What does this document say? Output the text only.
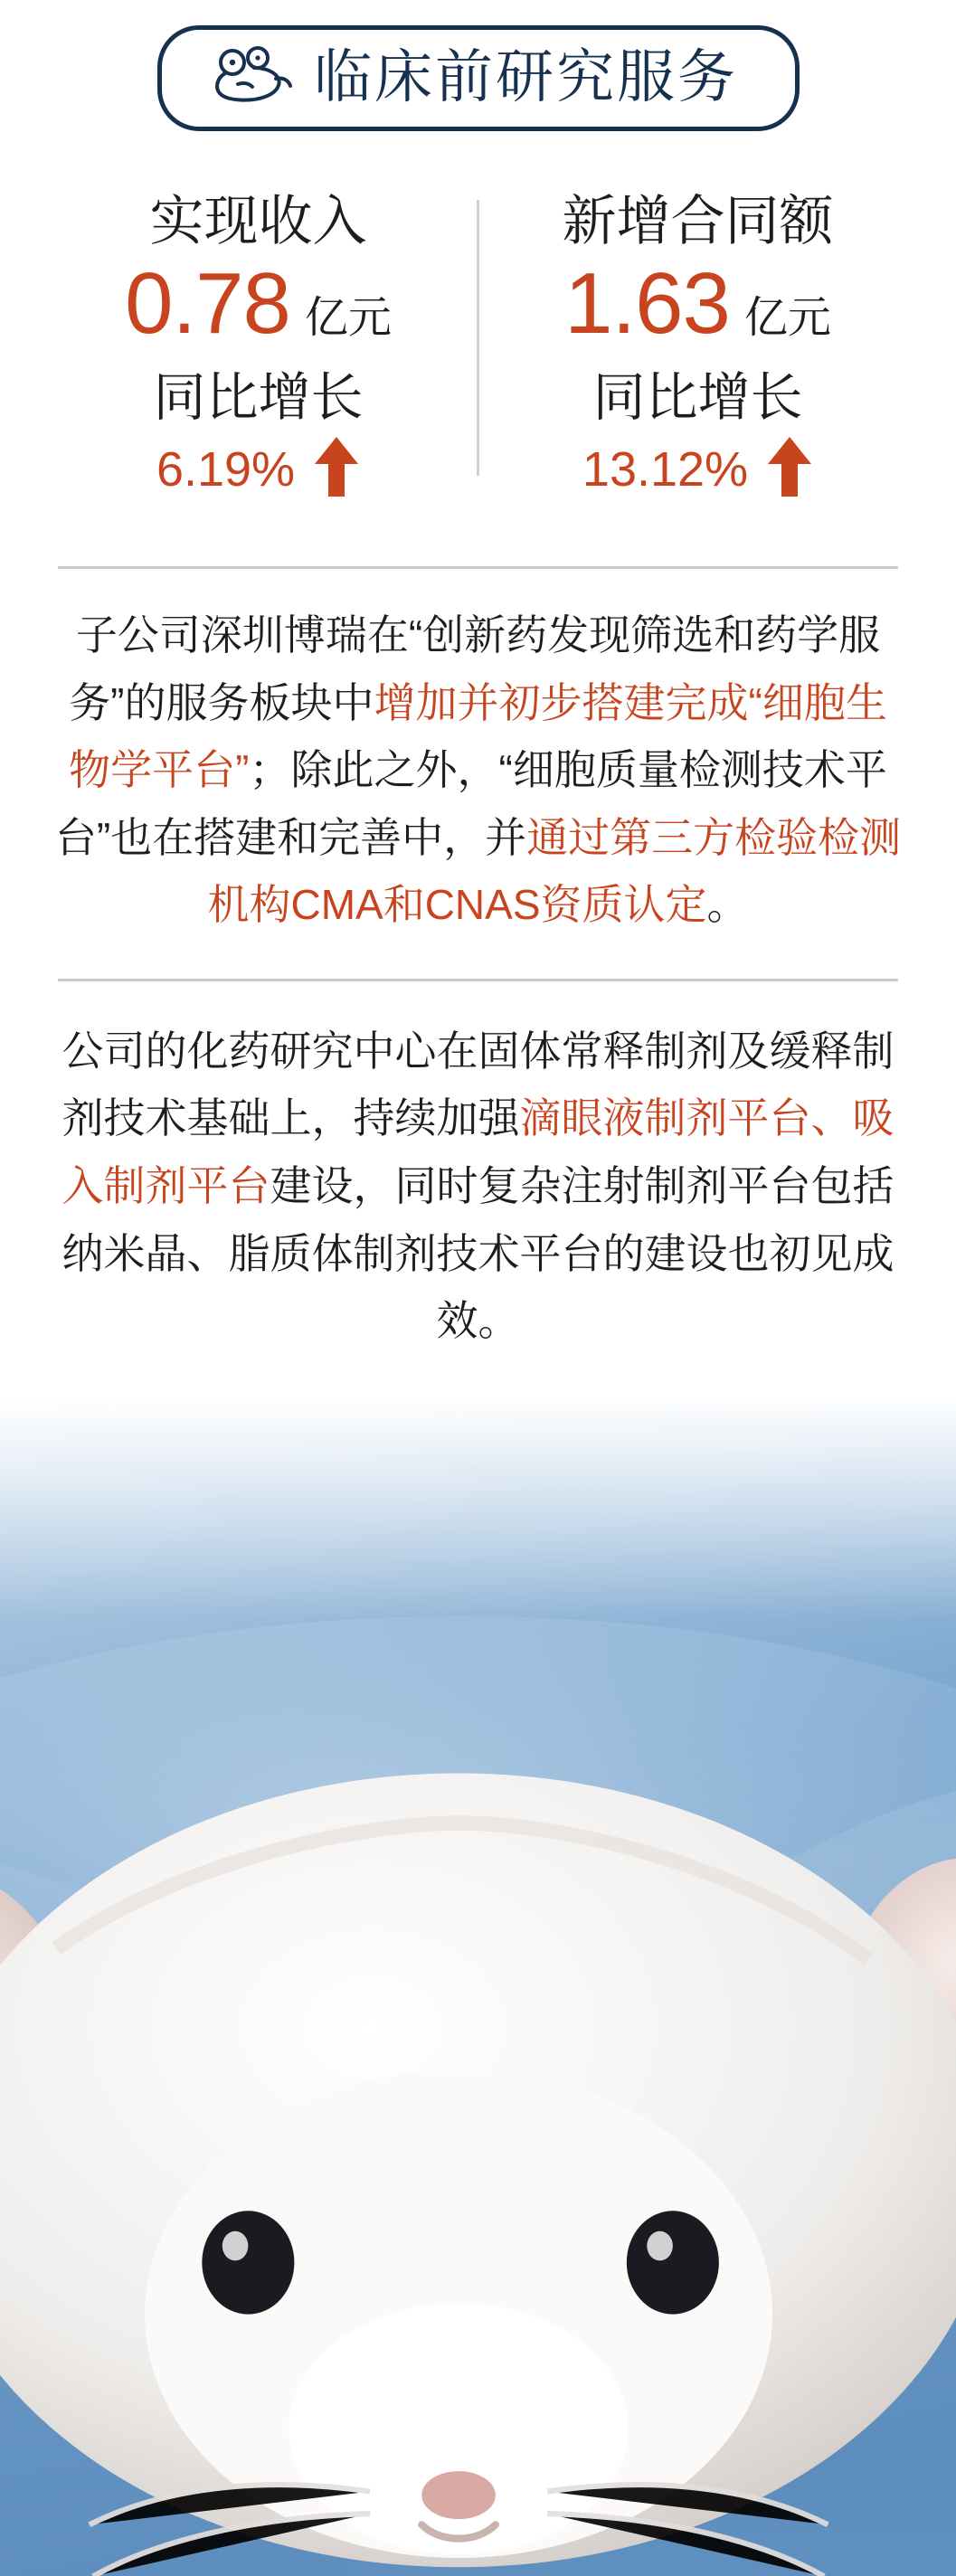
临床前研究服务
实现收入
0.78 亿元
同比增长
6.19%
新增合同额
1.63 亿元
同比增长
13.12%

子公司深圳博瑞在“创新药发现筛选和药学服务”的服务板块中增加并初步搭建完成“细胞生物学平台”；除此之外，“细胞质量检测技术平台”也在搭建和完善中，并通过第三方检验检测机构CMA和CNAS资质认定。

公司的化药研究中心在固体常释制剂及缓释制剂技术基础上，持续加强滴眼液制剂平台、吸入制剂平台建设，同时复杂注射制剂平台包括纳米晶、脂质体制剂技术平台的建设也初见成效。
